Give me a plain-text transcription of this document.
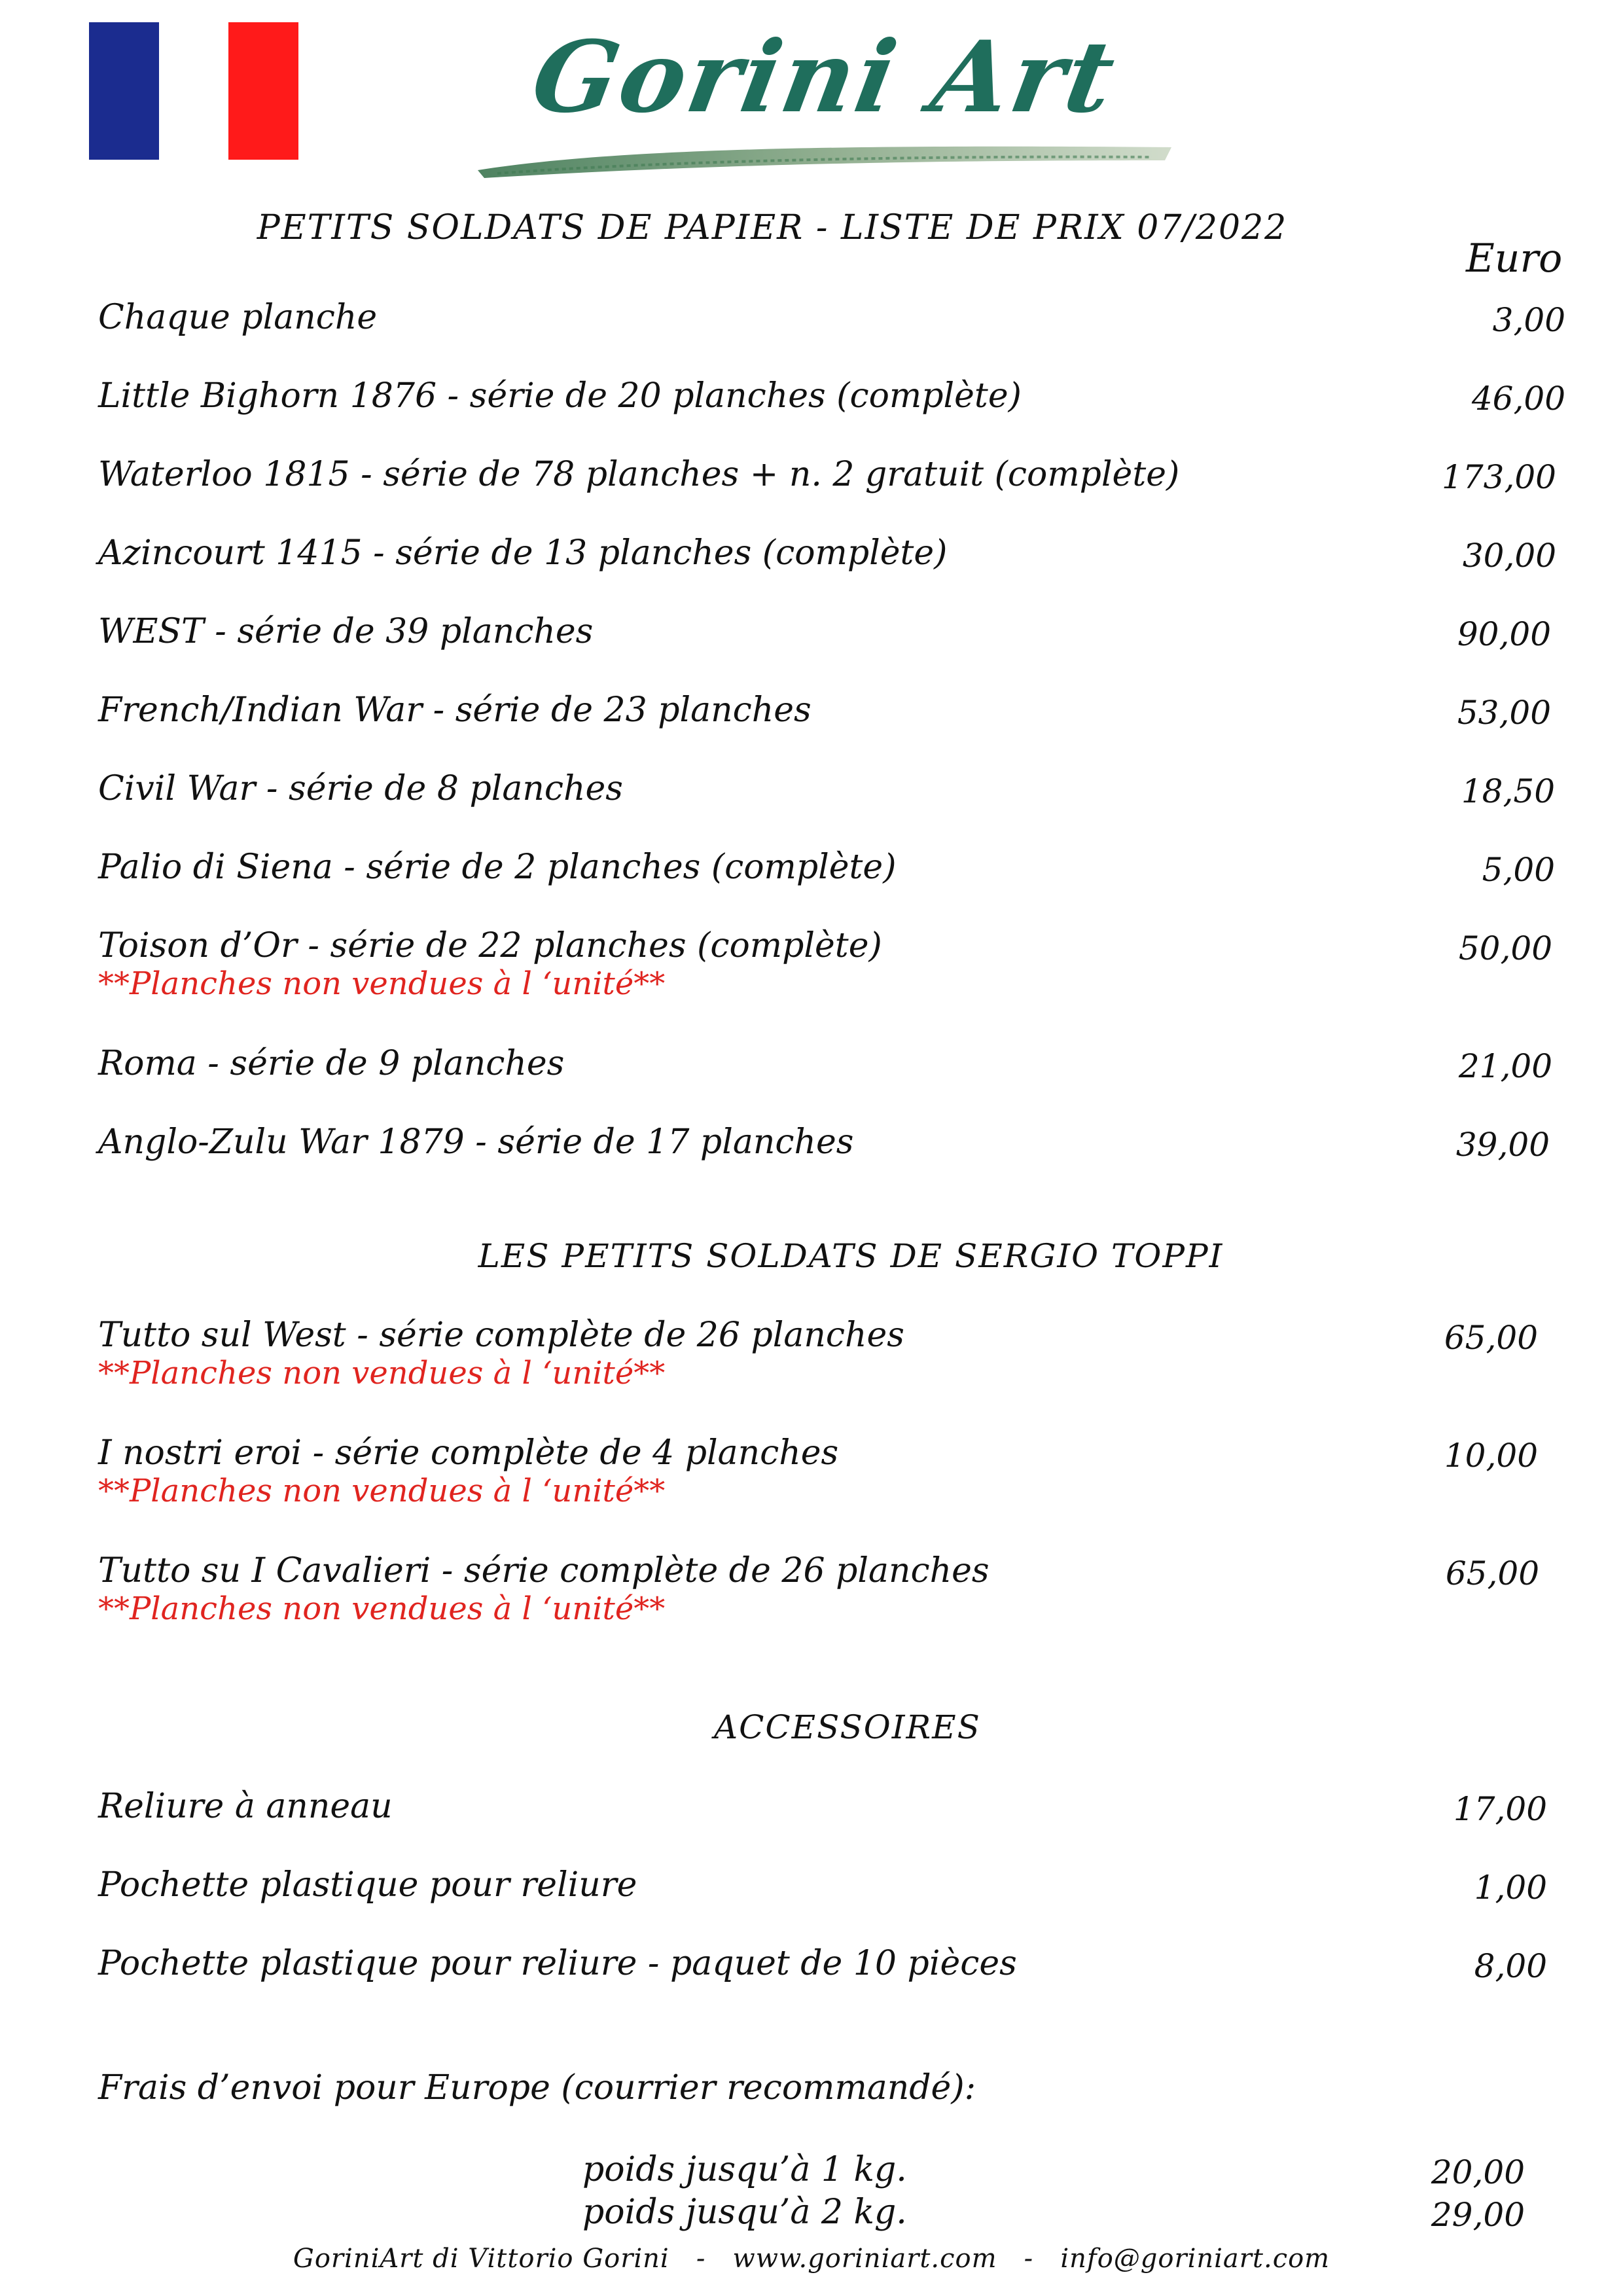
Gorini Art
PETITS SOLDATS DE PAPIER - LISTE DE PRIX 07/2022
Euro
Chaque planche	3,00
Little Bighorn 1876 - série de 20 planches (complète)	46,00
Waterloo 1815 - série de 78 planches + n. 2 gratuit (complète)	173,00
Azincourt 1415 - série de 13 planches (complète)	30,00
WEST - série de 39 planches	90,00
French/Indian War - série de 23 planches	53,00
Civil War - série de 8 planches	18,50
Palio di Siena - série de 2 planches (complète)	5,00
Toison d’Or - série de 22 planches (complète)	50,00
**Planches non vendues à l ‘unité**
Roma - série de 9 planches	21,00
Anglo-Zulu War 1879 - série de 17 planches	39,00
LES PETITS SOLDATS DE SERGIO TOPPI
Tutto sul West - série complète de 26 planches	65,00
**Planches non vendues à l ‘unité**
I nostri eroi - série complète de 4 planches	10,00
**Planches non vendues à l ‘unité**
Tutto su I Cavalieri - série complète de 26 planches	65,00
**Planches non vendues à l ‘unité**
ACCESSOIRES
Reliure à anneau	17,00
Pochette plastique pour reliure	1,00
Pochette plastique pour reliure - paquet de 10 pièces	8,00
Frais d’envoi pour Europe (courrier recommandé):
poids jusqu’à 1 kg.	20,00
poids jusqu’à 2 kg.	29,00
GoriniArt di Vittorio Gorini   -   www.goriniart.com   -   info@goriniart.com
